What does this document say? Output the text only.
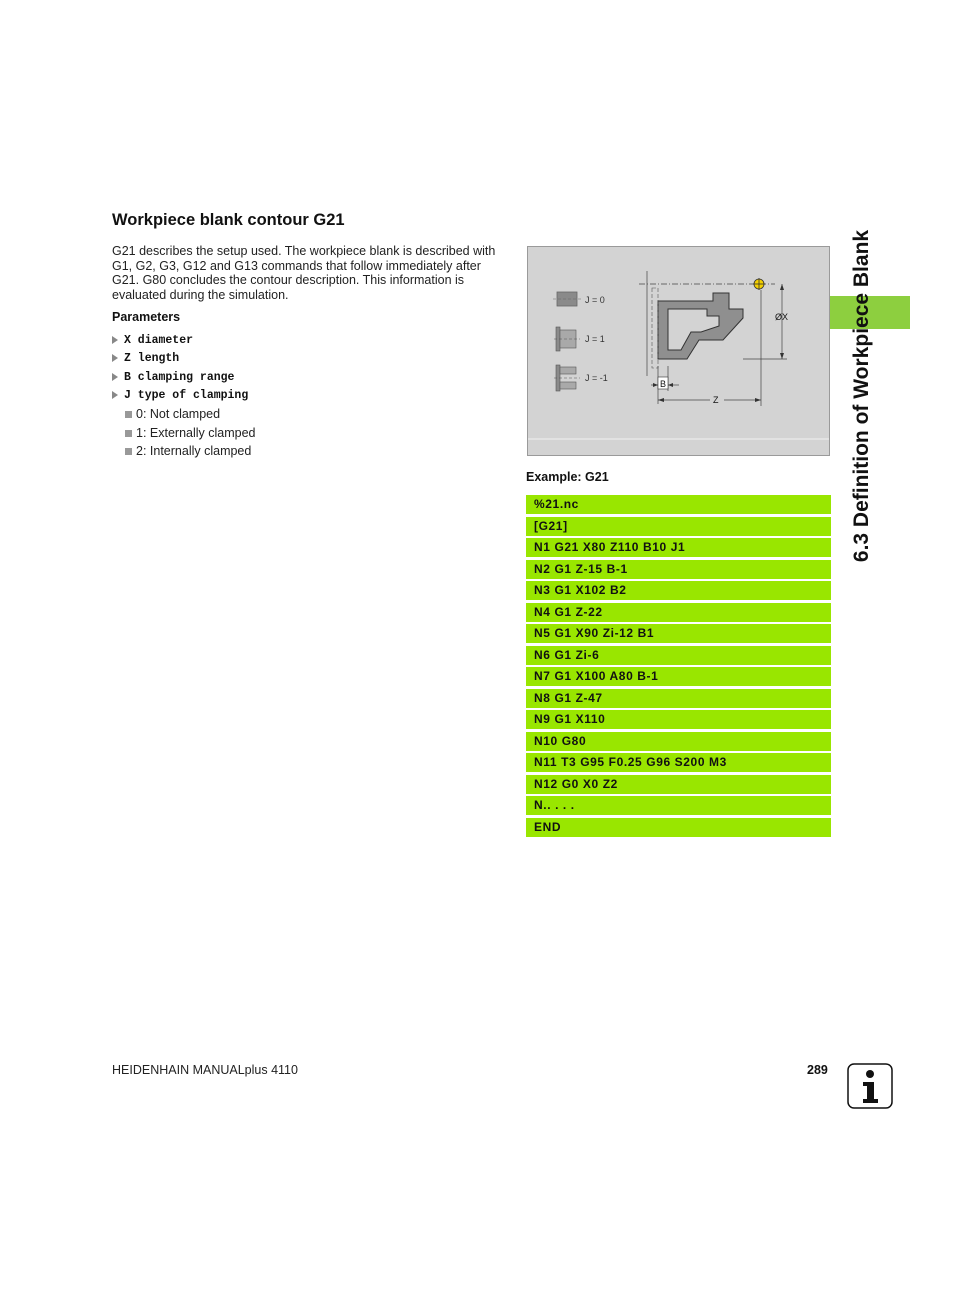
Workpiece blank contour G21

G21 describes the setup used. The workpiece blank is described with G1, G2, G3, G12 and G13 commands that follow immediately after G21. G80 concludes the contour description. This information is evaluated during the simulation.

Parameters
X diameter
Z length
B clamping range
J type of clamping
0: Not clamped
1: Externally clamped
2: Internally clamped
J = 0
J = 1
J = -1
B
Z
ØX
Example: G21
%21.nc
[G21]
N1 G21 X80 Z110 B10 J1
N2 G1 Z-15 B-1
N3 G1 X102 B2
N4 G1 Z-22
N5 G1 X90 Zi-12 B1
N6 G1 Zi-6
N7 G1 X100 A80 B-1
N8 G1 Z-47
N9 G1 X110
N10 G80
N11 T3 G95 F0.25 G96 S200 M3
N12 G0 X0 Z2
N.. . . .
END
6.3 Definition of Workpiece Blank
HEIDENHAIN MANUALplus 4110	289
